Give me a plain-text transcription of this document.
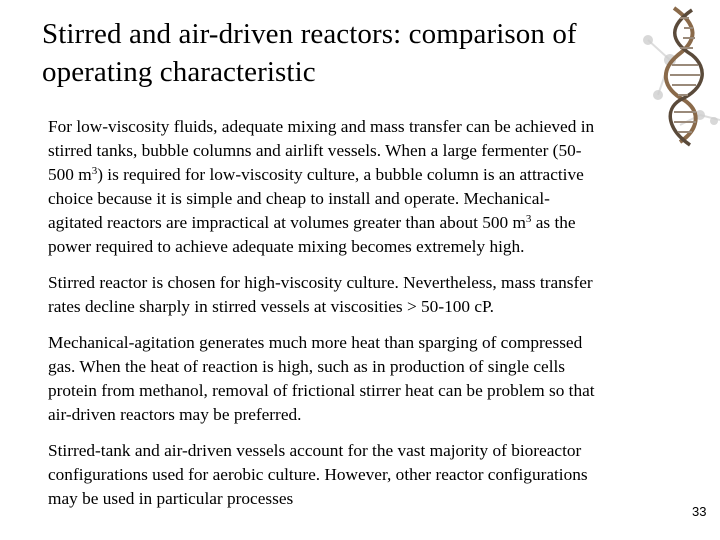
Stirred and air-driven reactors: comparison of
operating characteristic

For low-viscosity fluids, adequate mixing and mass transfer can be achieved in
stirred tanks, bubble columns and airlift vessels. When a large fermenter (50-
500 $m^3$) is required for low-viscosity culture, a bubble column is an attractive
choice because it is simple and cheap to install and operate. Mechanical-
agitated reactors are impractical at volumes greater than about 500 $m^3$ as the
power required to achieve adequate mixing becomes extremely high.

Stirred reactor is chosen for high-viscosity culture. Nevertheless, mass transfer
rates decline sharply in stirred vessels at viscosities > 50-100 cP.

Mechanical-agitation generates much more heat than sparging of compressed
gas. When the heat of reaction is high, such as in production of single cells
protein from methanol, removal of frictional stirrer heat can be problem so that
air-driven reactors may be preferred.

Stirred-tank and air-driven vessels account for the vast majority of bioreactor
configurations used for aerobic culture. However, other reactor configurations
may be used in particular processes

33
